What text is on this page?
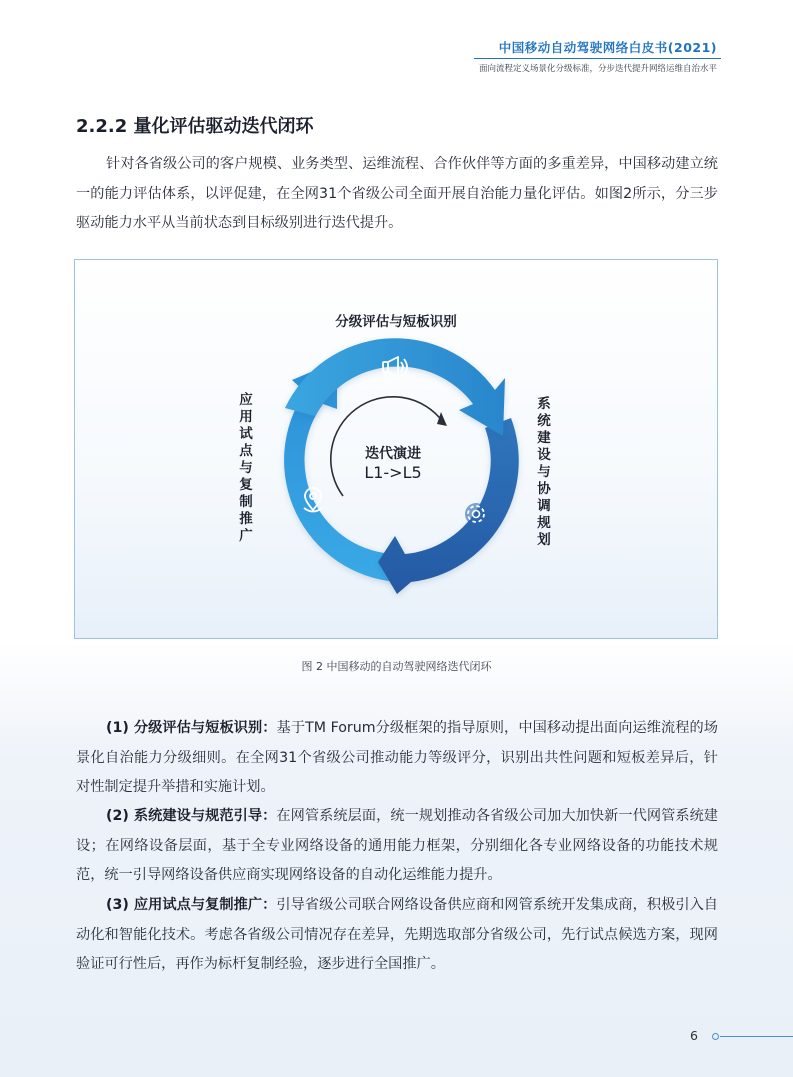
中国移动自动驾驶网络白皮书(2021)
面向流程定义场景化分级标准，分步迭代提升网络运维自治水平
2.2.2 量化评估驱动迭代闭环
针对各省级公司的客户规模、业务类型、运维流程、合作伙伴等方面的多重差异，中国移动建立统一的能力评估体系，以评促建，在全网31个省级公司全面开展自治能力量化评估。如图2所示，分三步驱动能力水平从当前状态到目标级别进行迭代提升。
分级评估与短板识别
迭代演进
L1->L5
系统建设与协调规划
应用试点与复制推广
图 2 中国移动的自动驾驶网络迭代闭环
(1) 分级评估与短板识别：基于TM Forum分级框架的指导原则，中国移动提出面向运维流程的场景化自治能力分级细则。在全网31个省级公司推动能力等级评分，识别出共性问题和短板差异后，针对性制定提升举措和实施计划。
(2) 系统建设与规范引导：在网管系统层面，统一规划推动各省级公司加大加快新一代网管系统建设；在网络设备层面，基于全专业网络设备的通用能力框架，分别细化各专业网络设备的功能技术规范，统一引导网络设备供应商实现网络设备的自动化运维能力提升。
(3) 应用试点与复制推广：引导省级公司联合网络设备供应商和网管系统开发集成商，积极引入自动化和智能化技术。考虑各省级公司情况存在差异，先期选取部分省级公司，先行试点候选方案，现网验证可行性后，再作为标杆复制经验，逐步进行全国推广。
6
